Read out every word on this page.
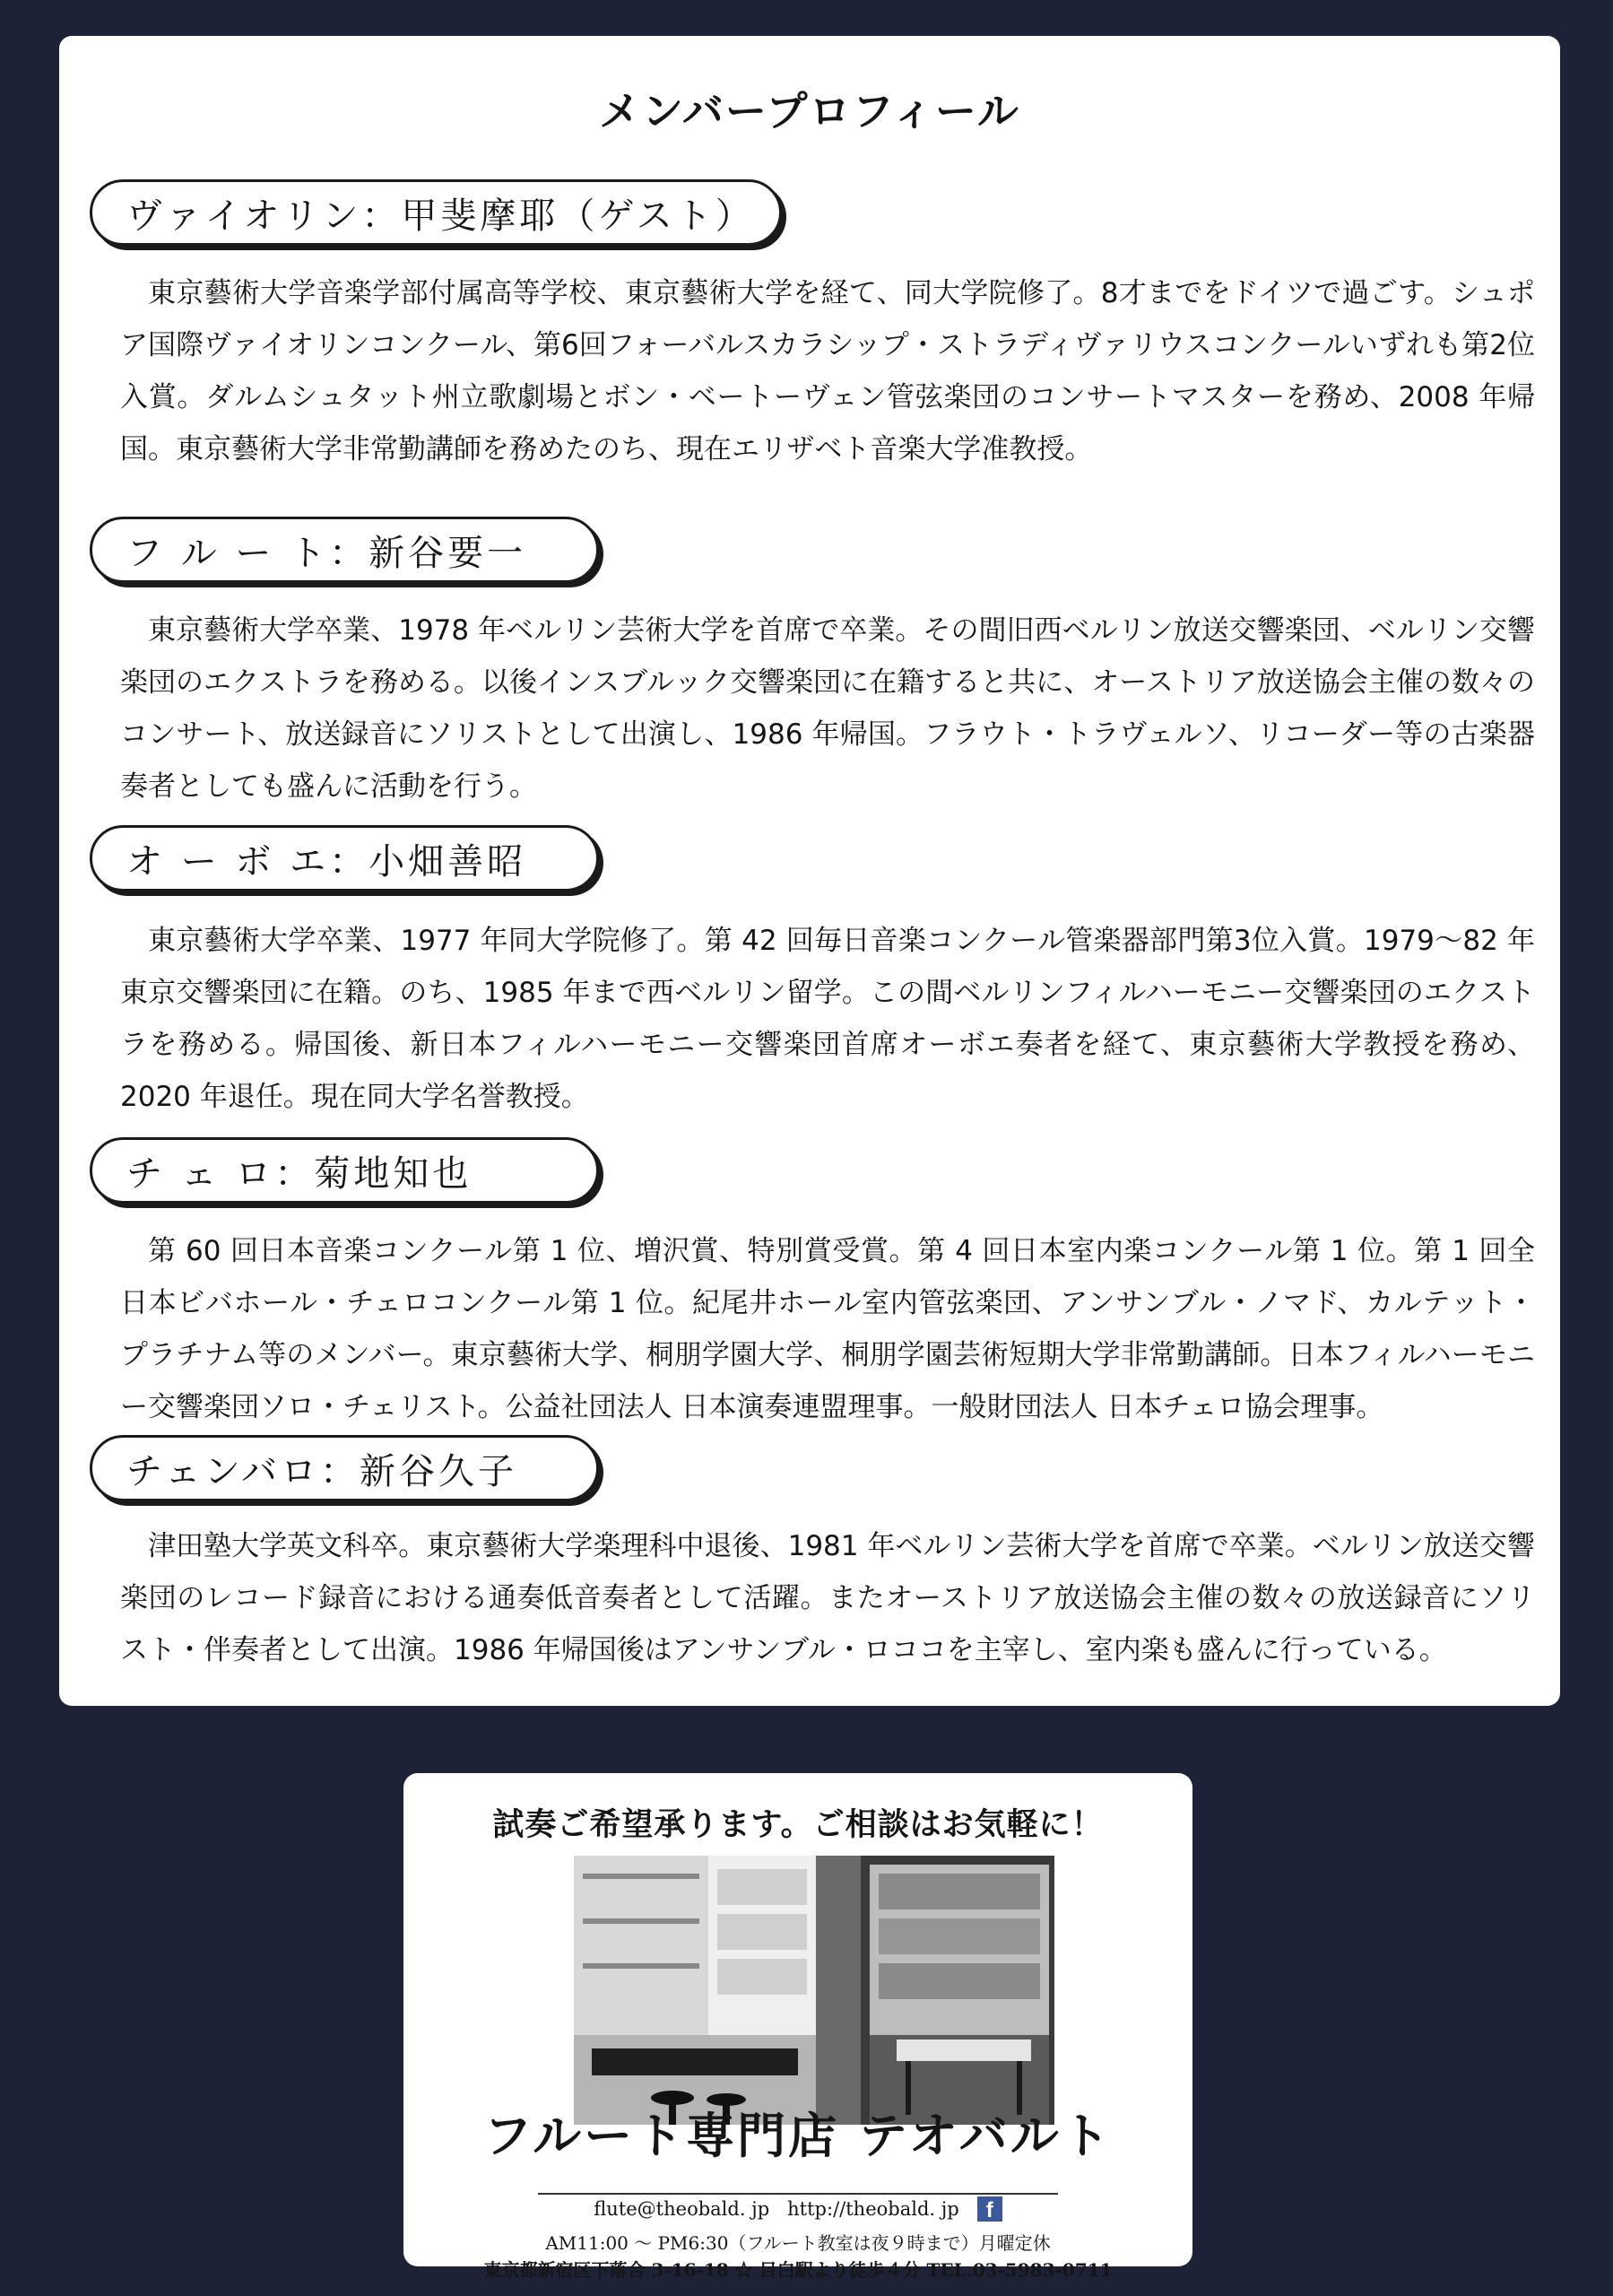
メンバープロフィール
ヴァイオリン：甲斐摩耶（ゲスト）

東京藝術大学音楽学部付属高等学校、東京藝術大学を経て、同大学院修了。8才までをドイツで過ごす。シュポア国際ヴァイオリンコンクール、第6回フォーバルスカラシップ・ストラディヴァリウスコンクールいずれも第2位入賞。ダルムシュタット州立歌劇場とボン・ベートーヴェン管弦楽団のコンサートマスターを務め、2008 年帰国。東京藝術大学非常勤講師を務めたのち、現在エリザベト音楽大学准教授。

フ ル ー ト：新谷要一

東京藝術大学卒業、1978 年ベルリン芸術大学を首席で卒業。その間旧西ベルリン放送交響楽団、ベルリン交響楽団のエクストラを務める。以後インスブルック交響楽団に在籍すると共に、オーストリア放送協会主催の数々のコンサート、放送録音にソリストとして出演し、1986 年帰国。フラウト・トラヴェルソ、リコーダー等の古楽器奏者としても盛んに活動を行う。

オ ー ボ エ：小畑善昭

東京藝術大学卒業、1977 年同大学院修了。第 42 回毎日音楽コンクール管楽器部門第3位入賞。1979～82 年東京交響楽団に在籍。のち、1985 年まで西ベルリン留学。この間ベルリンフィルハーモニー交響楽団のエクストラを務める。帰国後、新日本フィルハーモニー交響楽団首席オーボエ奏者を経て、東京藝術大学教授を務め、2020 年退任。現在同大学名誉教授。

チ ェ ロ：菊地知也

第 60 回日本音楽コンクール第 1 位、増沢賞、特別賞受賞。第 4 回日本室内楽コンクール第 1 位。第 1 回全日本ビバホール・チェロコンクール第 1 位。紀尾井ホール室内管弦楽団、アンサンブル・ノマド、カルテット・プラチナム等のメンバー。東京藝術大学、桐朋学園大学、桐朋学園芸術短期大学非常勤講師。日本フィルハーモニー交響楽団ソロ・チェリスト。公益社団法人 日本演奏連盟理事。一般財団法人 日本チェロ協会理事。

チェンバロ：新谷久子

津田塾大学英文科卒。東京藝術大学楽理科中退後、1981 年ベルリン芸術大学を首席で卒業。ベルリン放送交響楽団のレコード録音における通奏低音奏者として活躍。またオーストリア放送協会主催の数々の放送録音にソリスト・伴奏者として出演。1986 年帰国後はアンサンブル・ロココを主宰し、室内楽も盛んに行っている。

試奏ご希望承ります。ご相談はお気軽に！
フルート専門店 テオバルト
flute@theobald. jp http://theobald. jp	f
AM11:00 ～ PM6:30（フルート教室は夜９時まで）月曜定休
東京都新宿区下落合 3-16-18 ☆ 目白駅より徒歩４分 TEL.03-5983-0711
